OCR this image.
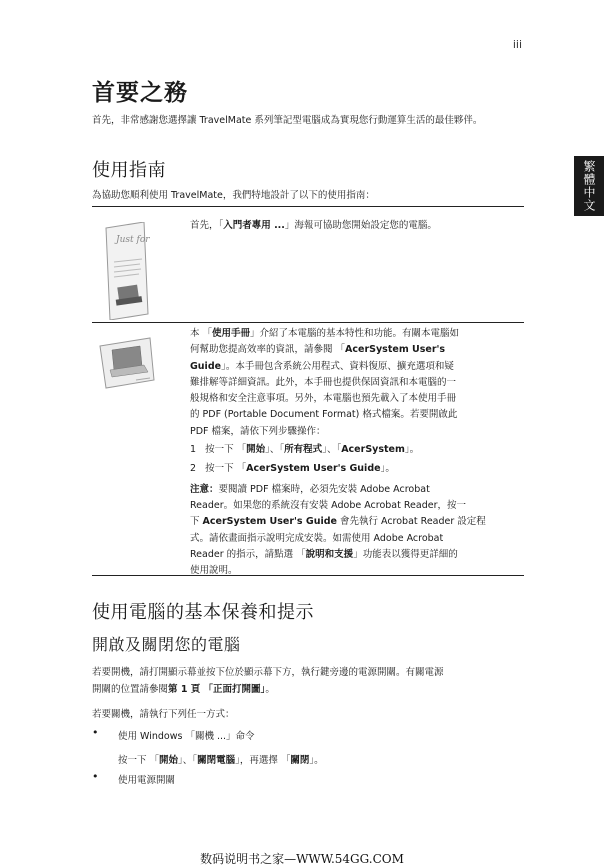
iii
繁體中文
首要之務
首先，非常感謝您選擇讓 TravelMate 系列筆記型電腦成為實現您行動運算生活的最佳夥伴。
使用指南
為協助您順利使用 TravelMate，我們特地設計了以下的使用指南：
Just for
首先，「入門者專用 ...」海報可協助您開始設定您的電腦。
本 「使用手冊」介紹了本電腦的基本特性和功能。有關本電腦如
何幫助您提高效率的資訊，請參閱 「AcerSystem User's
Guide」。本手冊包含系統公用程式、資料復原、擴充選項和疑
難排解等詳細資訊。此外，本手冊也提供保固資訊和本電腦的一
般規格和安全注意事項。另外，本電腦也預先載入了本使用手冊
的 PDF (Portable Document Format) 格式檔案。若要開啟此
PDF 檔案，請依下列步驟操作：
1 按一下 「開始」、「所有程式」、「AcerSystem」。
2 按一下 「AcerSystem User's Guide」。
注意：要閱讀 PDF 檔案時，必須先安裝 Adobe Acrobat
Reader。如果您的系統沒有安裝 Adobe Acrobat Reader，按一
下 AcerSystem User's Guide 會先執行 Acrobat Reader 設定程
式。請依畫面指示說明完成安裝。如需使用 Adobe Acrobat
Reader 的指示，請點選 「說明和支援」功能表以獲得更詳細的
使用說明。
使用電腦的基本保養和提示
開啟及關閉您的電腦
若要開機，請打開顯示幕並按下位於顯示幕下方，執行鍵旁邊的電源開關。有關電源
開關的位置請參閱第 1 頁 「正面打開圖」。
若要關機，請執行下列任一方式：
• 使用 Windows 「關機 ...」命令
按一下 「開始」、「關閉電腦」，再選擇 「關閉」。
• 使用電源開關
数码说明书之家—WWW.54GG.COM
